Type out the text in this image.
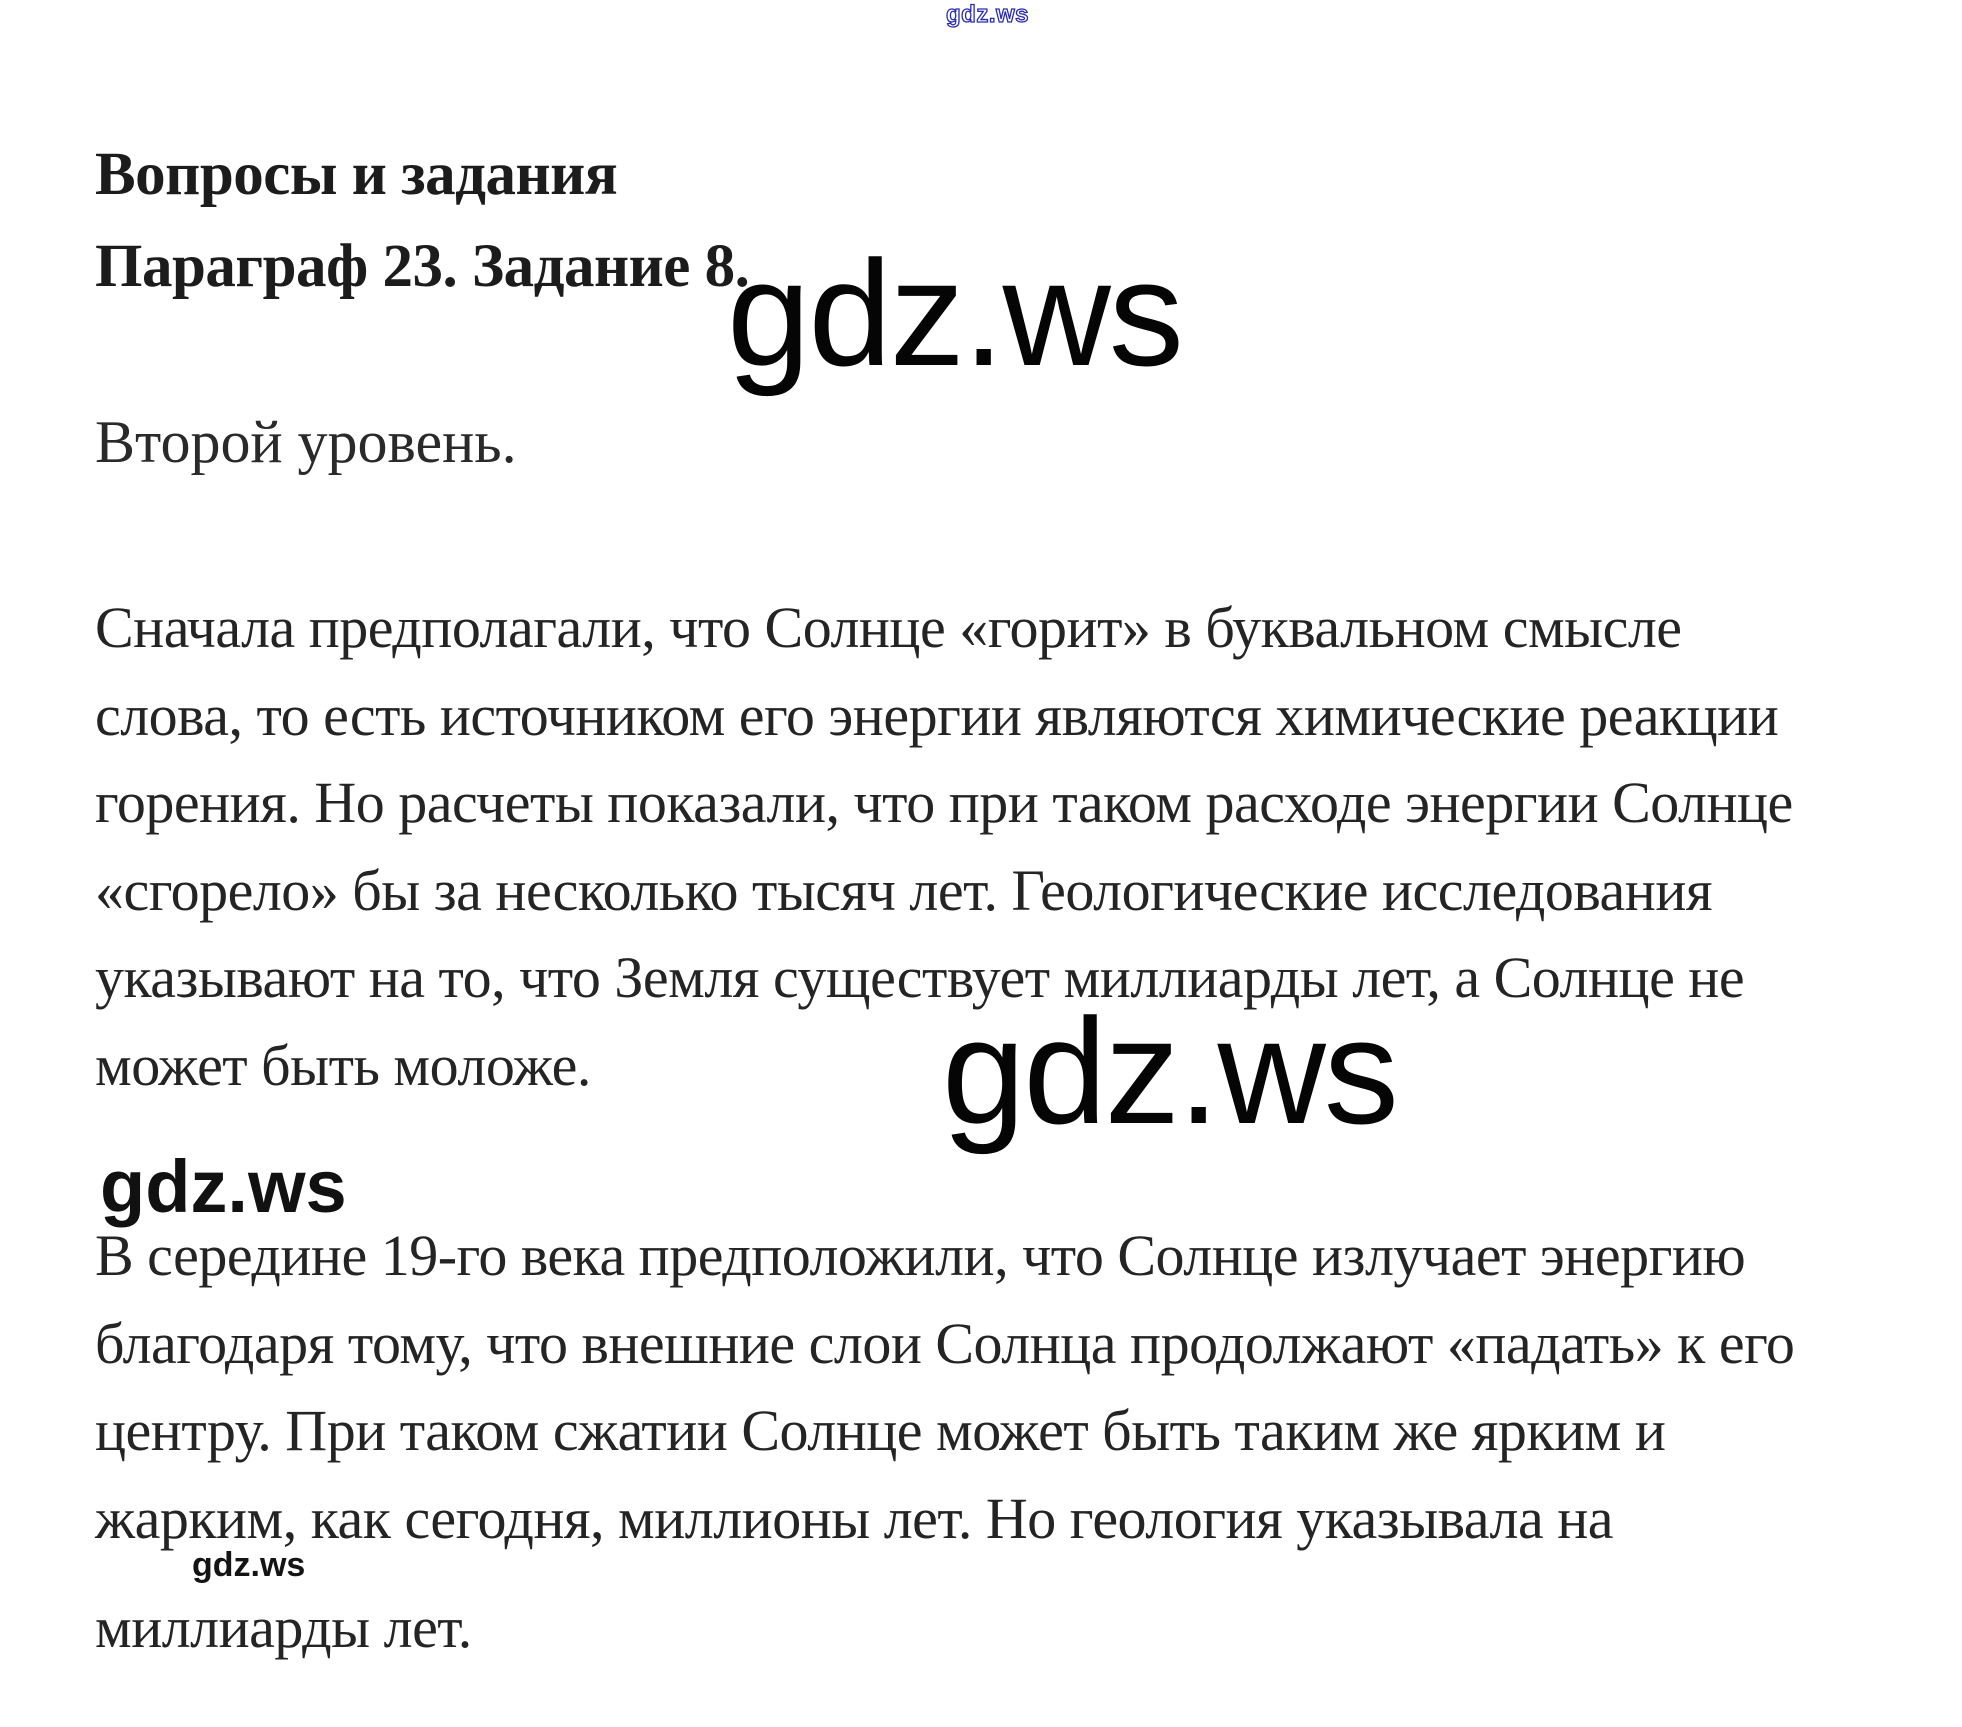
gdz.ws
Вопросы и задания
Параграф 23. Задание 8.
gdz.ws
Второй уровень.
Сначала предполагали, что Солнце «горит» в буквальном смысле
слова, то есть источником его энергии являются химические реакции
горения. Но расчеты показали, что при таком расходе энергии Солнце
«сгорело» бы за несколько тысяч лет. Геологические исследования
указывают на то, что Земля существует миллиарды лет, а Солнце не
может быть моложе.	gdz.ws
gdz.ws
В середине 19-го века предположили, что Солнце излучает энергию
благодаря тому, что внешние слои Солнца продолжают «падать» к его
центру. При таком сжатии Солнце может быть таким же ярким и
жарким, как сегодня, миллионы лет. Но геология указывала на
gdz.ws
миллиарды лет.
